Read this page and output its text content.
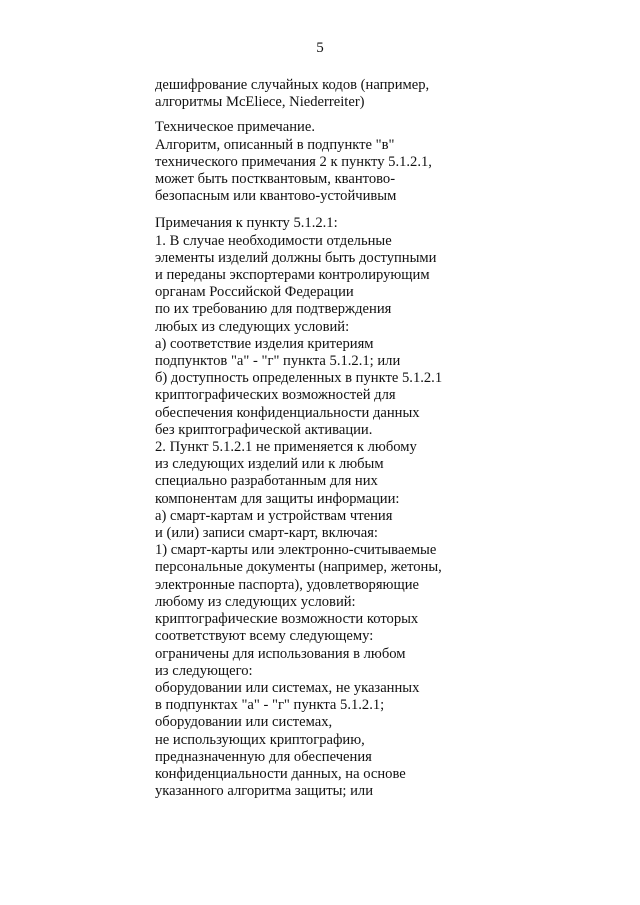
5
дешифрование случайных кодов (например,
алгоритмы McEliece, Niederreiter)
Техническое примечание.
Алгоритм, описанный в подпункте "в"
технического примечания 2 к пункту 5.1.2.1,
может быть постквантовым, квантово-
безопасным или квантово-устойчивым
Примечания к пункту 5.1.2.1:
1. В случае необходимости отдельные
элементы изделий должны быть доступными
и переданы экспортерами контролирующим
органам Российской Федерации
по их требованию для подтверждения
любых из следующих условий:
а) соответствие изделия критериям
подпунктов "а" - "г" пункта 5.1.2.1; или
б) доступность определенных в пункте 5.1.2.1
криптографических возможностей для
обеспечения конфиденциальности данных
без криптографической активации.
2. Пункт 5.1.2.1 не применяется к любому
из следующих изделий или к любым
специально разработанным для них
компонентам для защиты информации:
а) смарт-картам и устройствам чтения
и (или) записи смарт-карт, включая:
1) смарт-карты или электронно-считываемые
персональные документы (например, жетоны,
электронные паспорта), удовлетворяющие
любому из следующих условий:
криптографические возможности которых
соответствуют всему следующему:
ограничены для использования в любом
из следующего:
оборудовании или системах, не указанных
в подпунктах "а" - "г" пункта 5.1.2.1;
оборудовании или системах,
не использующих криптографию,
предназначенную для обеспечения
конфиденциальности данных, на основе
указанного алгоритма защиты; или
